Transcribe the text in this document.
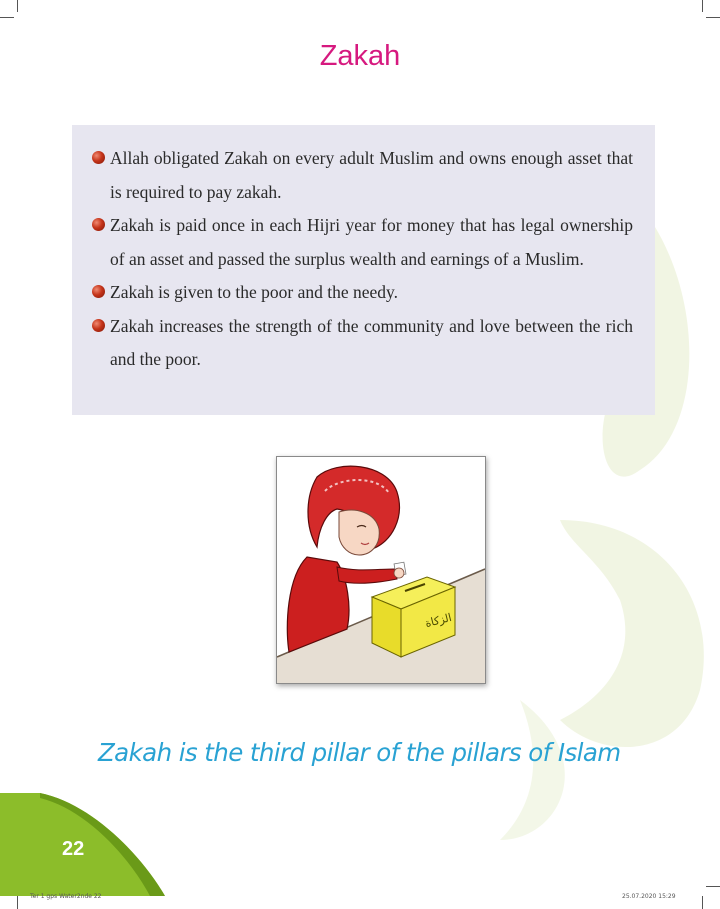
Zakah
Allah obligated Zakah on every adult Muslim and owns enough asset that is required to pay zakah.
Zakah is paid once in each Hijri year for money that has legal ownership of an asset and passed the surplus wealth and earnings of a Muslim.
Zakah is given to the poor and the needy.
Zakah increases the strength of the community and love between the rich and the poor.
الزكاة
Zakah is the third pillar of the pillars of Islam
22
Ter 1 gps Water2nde 22	25.07.2020 15:29
